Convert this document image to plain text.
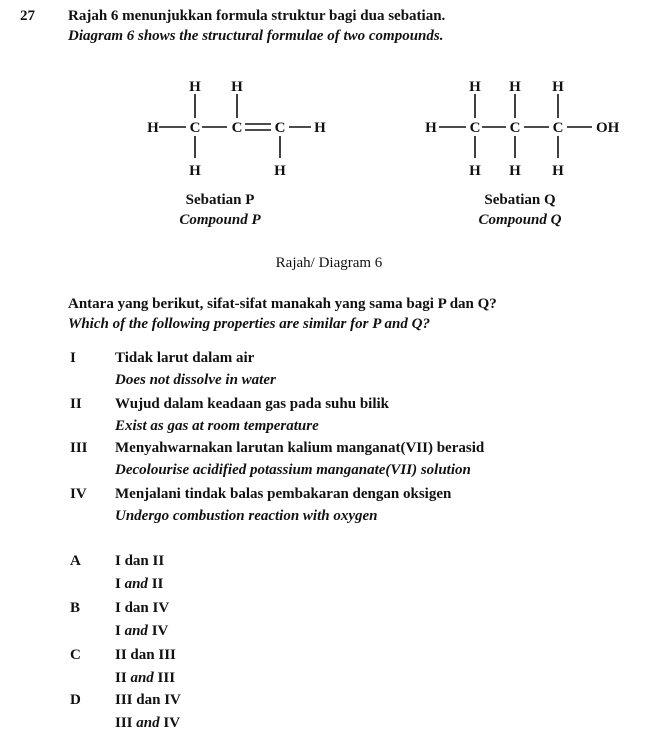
27 Rajah 6 menunjukkan formula struktur bagi dua sebatian.
Diagram 6 shows the structural formulae of two compounds.
H H
H C C C H
H	H
H H H
H C C C OH
H H H
Sebatian P
Compound P
Sebatian Q
Compound Q
Rajah/ Diagram 6
Antara yang berikut, sifat-sifat manakah yang sama bagi P dan Q?
Which of the following properties are similar for P and Q?
I	Tidak larut dalam air
Does not dissolve in water
II Wujud dalam keadaan gas pada suhu bilik
Exist as gas at room temperature
III Menyahwarnakan larutan kalium manganat(VII) berasid
Decolourise acidified potassium manganate(VII) solution
IV Menjalani tindak balas pembakaran dengan oksigen
Undergo combustion reaction with oxygen
A I dan II
I and II
B I dan IV
I and IV
C II dan III
II and III
D III dan IV
III and IV
